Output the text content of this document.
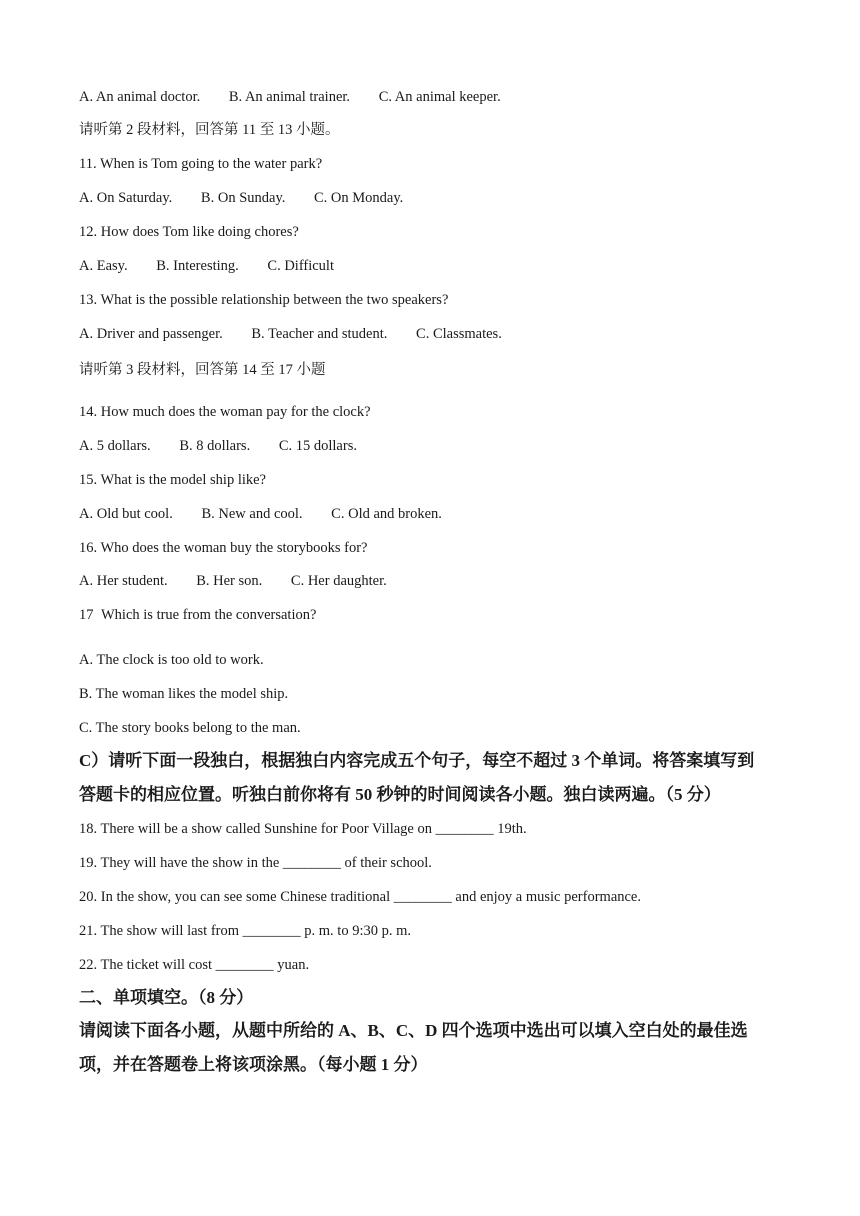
A. An animal doctor. B. An animal trainer. C. An animal keeper.
请听第 2 段材料，回答第 11 至 13 小题。
11. When is Tom going to the water park?
A. On Saturday. B. On Sunday. C. On Monday.
12. How does Tom like doing chores?
A. Easy. B. Interesting. C. Difficult
13. What is the possible relationship between the two speakers?
A. Driver and passenger. B. Teacher and student. C. Classmates.
请听第 3 段材料，回答第 14 至 17 小题
14. How much does the woman pay for the clock?
A. 5 dollars. B. 8 dollars. C. 15 dollars.
15. What is the model ship like?
A. Old but cool. B. New and cool. C. Old and broken.
16. Who does the woman buy the storybooks for?
A. Her student. B. Her son. C. Her daughter.
17 Which is true from the conversation?
A. The clock is too old to work.
B. The woman likes the model ship.
C. The story books belong to the man.
C）请听下面一段独白，根据独白内容完成五个句子，每空不超过 3 个单词。将答案填写到
答题卡的相应位置。听独白前你将有 50 秒钟的时间阅读各小题。独白读两遍。（5 分）
18. There will be a show called Sunshine for Poor Village on ________ 19th.
19. They will have the show in the ________ of their school.
20. In the show, you can see some Chinese traditional ________ and enjoy a music performance.
21. The show will last from ________ p. m. to 9:30 p. m.
22. The ticket will cost ________ yuan.
二、单项填空。（8 分）
请阅读下面各小题，从题中所给的 A、B、C、D 四个选项中选出可以填入空白处的最佳选
项，并在答题卷上将该项涂黑。（每小题 1 分）
